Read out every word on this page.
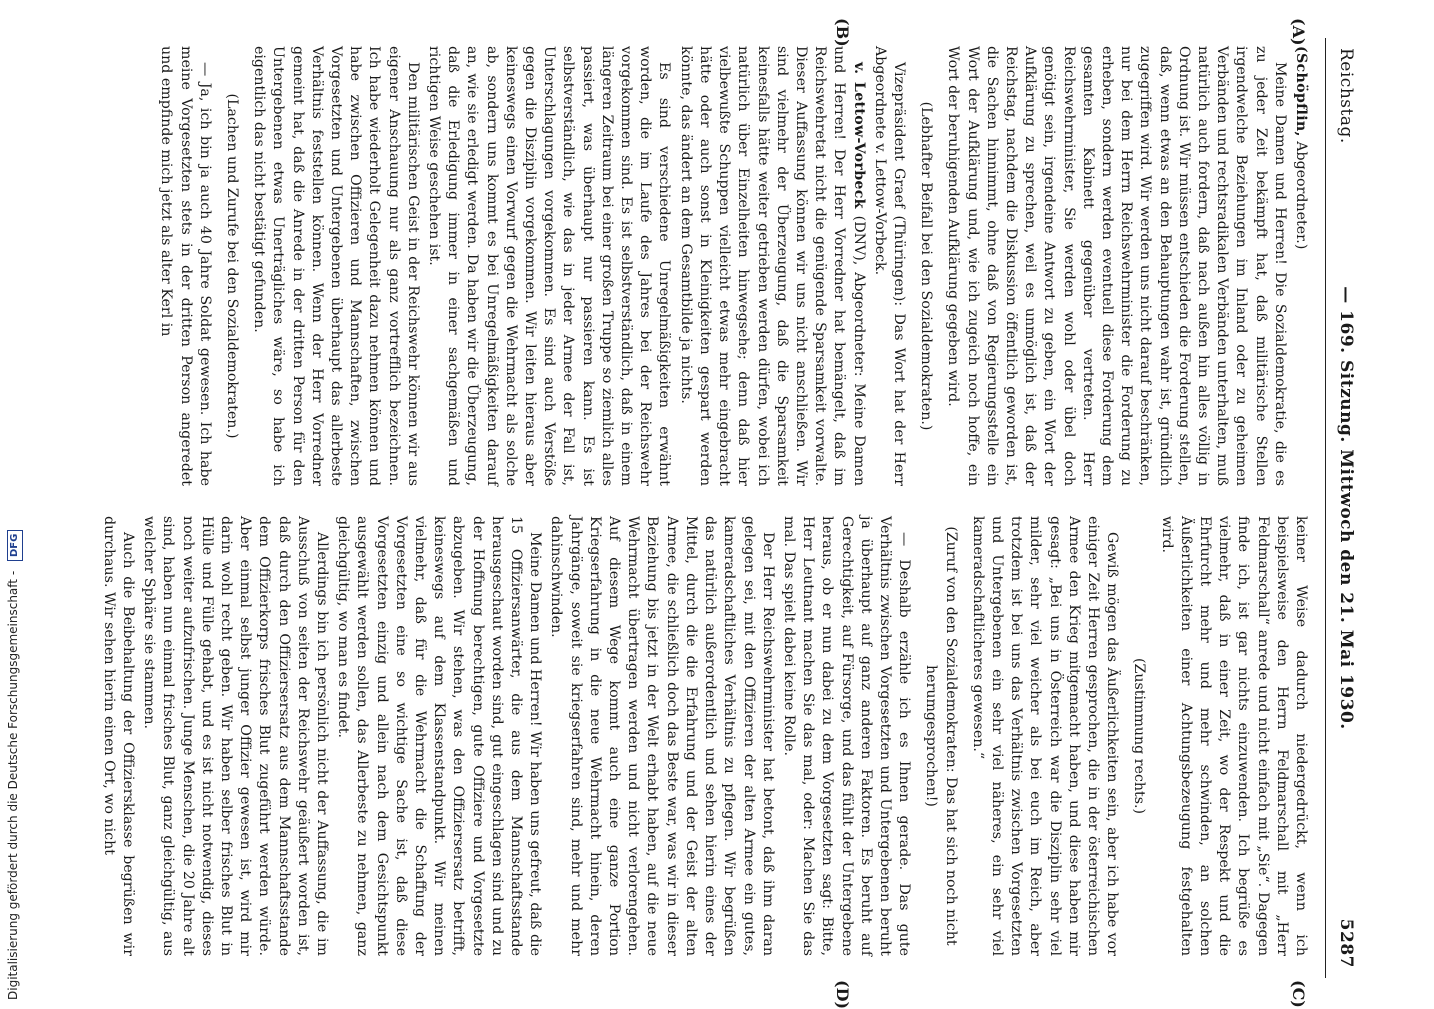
Reichstag.
— 169. Sitzung. Mittwoch den 21. Mai 1930.
5287
(A)
(B)
(C)
(D)

(Schöpflin, Abgeordneter.)

Meine Damen und Herren! Die Sozialdemokratie, die es zu jeder Zeit bekämpft hat, daß militärische Stellen irgendwelche Beziehungen im Inland oder zu geheimen Verbänden und rechtsradikalen Verbänden unterhalten, muß natürlich auch fordern, daß nach außen hin alles völlig in Ordnung ist. Wir müssen entschieden die Forderung stellen, daß, wenn etwas an den Behauptungen wahr ist, gründlich zugegriffen wird. Wir werden uns nicht darauf beschränken, nur bei dem Herrn Reichswehrminister die Forderung zu erheben, sondern werden eventuell diese Forderung dem gesamten Kabinett gegenüber vertreten. Herr Reichswehrminister, Sie werden wohl oder übel doch genötigt sein, irgendeine Antwort zu geben, ein Wort der Aufklärung zu sprechen, weil es unmöglich ist, daß der Reichstag, nachdem die Diskussion öffentlich geworden ist, die Sachen hinnimmt, ohne daß von Regierungsstelle ein Wort der Aufklärung und, wie ich zugeich noch hoffe, ein Wort der beruhigenden Aufklärung gegeben wird.

(Lebhafter Beifall bei den Sozialdemokraten.)

Vizepräsident Graef (Thüringen): Das Wort hat der Herr Abgeordnete v. Lettow-Vorbeck.

v. Lettow-Vorbeck (DNV), Abgeordneter: Meine Damen und Herren! Der Herr Vorredner hat bemängelt, daß im Reichswehretat nicht die genügende Sparsamkeit vorwalte. Dieser Auffassung können wir uns nicht anschließen. Wir sind vielmehr der Überzeugung, daß die Sparsamkeit keinesfalls hätte weiter getrieben werden dürfen, wobei ich natürlich über Einzelheiten hinwegsehe; denn daß hier vielbewußte Schuppen vielleicht etwas mehr eingebracht hätte oder auch sonst in Kleinigkeiten gespart werden könnte, das ändert an dem Gesamtbilde ja nichts.

Es sind verschiedene Unregelmäßigkeiten erwähnt worden, die im Laufe des Jahres bei der Reichswehr vorgekommen sind. Es ist selbstverständlich, daß in einem längeren Zeitraum bei einer großen Truppe so ziemlich alles passiert, was überhaupt nur passieren kann. Es ist selbstverständlich, wie das in jeder Armee der Fall ist, Unterschlagungen vorgekommen. Es sind auch Verstöße gegen die Disziplin vorgekommen. Wir leiten hieraus aber keineswegs einen Vorwurf gegen die Wehrmacht als solche ab, sondern uns kommt es bei Unregelmäßigkeiten darauf an, wie sie erledigt werden. Da haben wir die Überzeugung, daß die Erledigung immer in einer sachgemäßen und richtigen Weise geschehen ist.

Den militärischen Geist in der Reichswehr können wir aus eigener Anschauung nur als ganz vortrefflich bezeichnen. Ich habe wiederholt Gelegenheit dazu nehmen können und habe zwischen Offizieren und Mannschaften, zwischen Vorgesetzten und Untergebenen überhaupt das allerbeste Verhältnis feststellen können. Wenn der Herr Vorredner gemeint hat, daß die Anrede in der dritten Person für den Untergebenen etwas Unerträgliches wäre, so habe ich eigentlich das nicht bestätigt gefunden.

(Lachen und Zurufe bei den Sozialdemokraten.)

— Ja, ich bin ja auch 40 Jahre Soldat gewesen. Ich habe meine Vorgesetzten stets in der dritten Person angeredet und empfinde mich jetzt als alter Kerl in

keiner Weise dadurch niedergedrückt, wenn ich beispielsweise den Herrn Feldmarschall mit „Herr Feldmarschall“ anrede und nicht einfach mit „Sie“. Dagegen finde ich, ist gar nichts einzuwenden. Ich begrüße es vielmehr, daß in einer Zeit, wo der Respekt und die Ehrfurcht mehr und mehr schwinden, an solchen Äußerlichkeiten einer Achtungsbezeugung festgehalten wird.

(Zustimmung rechts.)

Gewiß mögen das Äußerlichkeiten sein, aber ich habe vor einiger Zeit Herren gesprochen, die in der österreichischen Armee den Krieg mitgemacht haben, und diese haben mir gesagt: „Bei uns in Österreich war die Disziplin sehr viel milder, sehr viel weicher als bei euch im Reich, aber trotzdem ist bei uns das Verhältnis zwischen Vorgesetzten und Untergebenen ein sehr viel näheres, ein sehr viel kameradschaftlicheres gewesen.“

(Zuruf von den Sozialdemokraten: Das hat sich noch nicht herumgesprochen!)

— Deshalb erzähle ich es Ihnen gerade. Das gute Verhältnis zwischen Vorgesetzten und Untergebenen beruht ja überhaupt auf ganz anderen Faktoren. Es beruht auf Gerechtigkeit, auf Fürsorge, und das fühlt der Untergebene heraus, ob er nun dabei zu dem Vorgesetzten sagt: Bitte, Herr Leutnant machen Sie das mal, oder: Machen Sie das mal. Das spielt dabei keine Rolle.

Der Herr Reichswehrminister hat betont, daß ihm daran gelegen sei, mit den Offizieren der alten Armee ein gutes, kameradschaftliches Verhältnis zu pflegen. Wir begrüßen das natürlich außerordentlich und sehen hierin eines der Mittel, durch die die Erfahrung und der Geist der alten Armee, die schließlich doch das Beste war, was wir in dieser Beziehung bis jetzt in der Welt erhabt haben, auf die neue Wehrmacht übertragen werden und nicht verlorengehen. Auf diesem Wege kommt auch eine ganze Portion Kriegserfahrung in die neue Wehrmacht hinein, deren Jahrgänge, soweit sie kriegserfahren sind, mehr und mehr dahinschwinden.

Meine Damen und Herren! Wir haben uns gefreut, daß die 15 Offiziersanwärter, die aus dem Mannschaftsstande herausgeschaut worden sind, gut eingeschlagen sind und zu der Hoffnung berechtigen, gute Offiziere und Vorgesetzte abzugeben. Wir stehen, was den Offiziersersatz betrifft, keineswegs auf dem Klassenstandpunkt. Wir meinen vielmehr, daß für die Wehrmacht die Schaffung der Vorgesetzten eine so wichtige Sache ist, daß diese Vorgesetzten einzig und allein nach dem Gesichtspunkt ausgewählt werden sollen, das Allerbeste zu nehmen, ganz gleichgültig, wo man es findet.

Allerdings bin ich persönlich nicht der Auffassung, die im Ausschuß von seiten der Reichswehr geäußert worden ist, daß durch den Offiziersersatz aus dem Mannschaftsstande dem Offizierkorps frisches Blut zugeführt werden würde. Aber einmal selbst junger Offizier gewesen ist, wird mir darin wohl recht geben. Wir haben selber frisches Blut in Hülle und Fülle gehabt, und es ist nicht notwendig, dieses noch weiter aufzufrischen. Junge Menschen, die 20 Jahre alt sind, haben nun einmal frisches Blut, ganz gleichgültig, aus welcher Sphäre sie stammen.

Auch die Beibehaltung der Offiziersklasse begrüßen wir durchaus. Wir sehen hierin einen Ort, wo nicht

Digitalisierung gefördert durch die Deutsche Forschungsgemeinschaft - DFG
